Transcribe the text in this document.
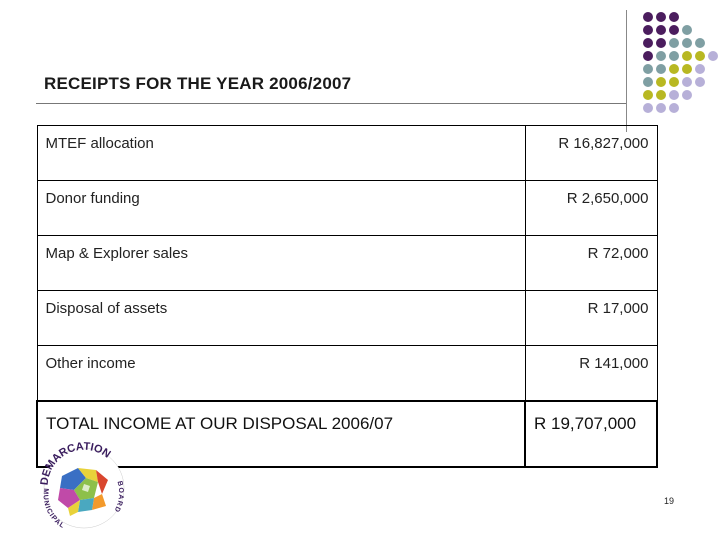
RECEIPTS FOR THE YEAR 2006/2007
MTEF allocation	R 16,827,000
Donor funding	R 2,650,000
Map & Explorer sales	R 72,000
Disposal of assets	R 17,000
Other income	R 141,000
TOTAL INCOME AT OUR DISPOSAL 2006/07	R 19,707,000
DEMARCATION
BOARD
MUNICIPAL
19
